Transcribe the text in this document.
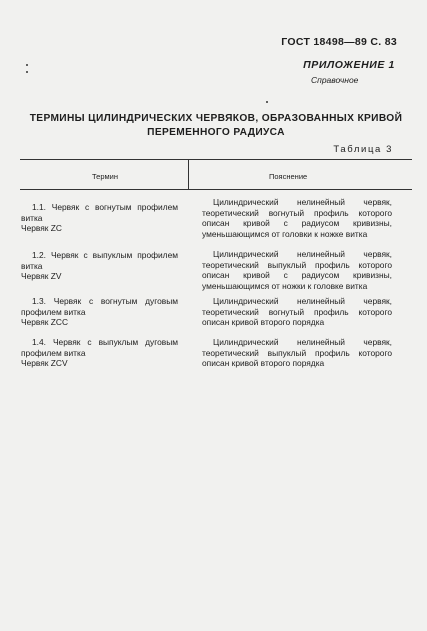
ГОСТ 18498—89 С. 83
ПРИЛОЖЕНИЕ 1
Справочное
ТЕРМИНЫ ЦИЛИНДРИЧЕСКИХ ЧЕРВЯКОВ, ОБРАЗОВАННЫХ КРИВОЙ
ПЕРЕМЕННОГО РАДИУСА
Таблица 3
Термин	Пояснение
1.1. Червяк с вогнутым профилем витка
Червяк ZC
Цилиндрический нелинейный червяк, теоретический вогнутый профиль которого описан кривой с радиусом кривизны, уменьшающимся от головки к ножке витка
1.2. Червяк с выпуклым профилем витка
Червяк ZV
Цилиндрический нелинейный червяк, теоретический выпуклый профиль которого описан кривой с радиусом кривизны, уменьшающимся от ножки к головке витка
1.3. Червяк с вогнутым дуговым профилем витка
Червяк ZCC
Цилиндрический нелинейный червяк, теоретический вогнутый профиль которого описан кривой второго порядка
1.4. Червяк с выпуклым дуговым профилем витка
Червяк ZCV
Цилиндрический нелинейный червяк, теоретический выпуклый профиль которого описан кривой второго порядка
